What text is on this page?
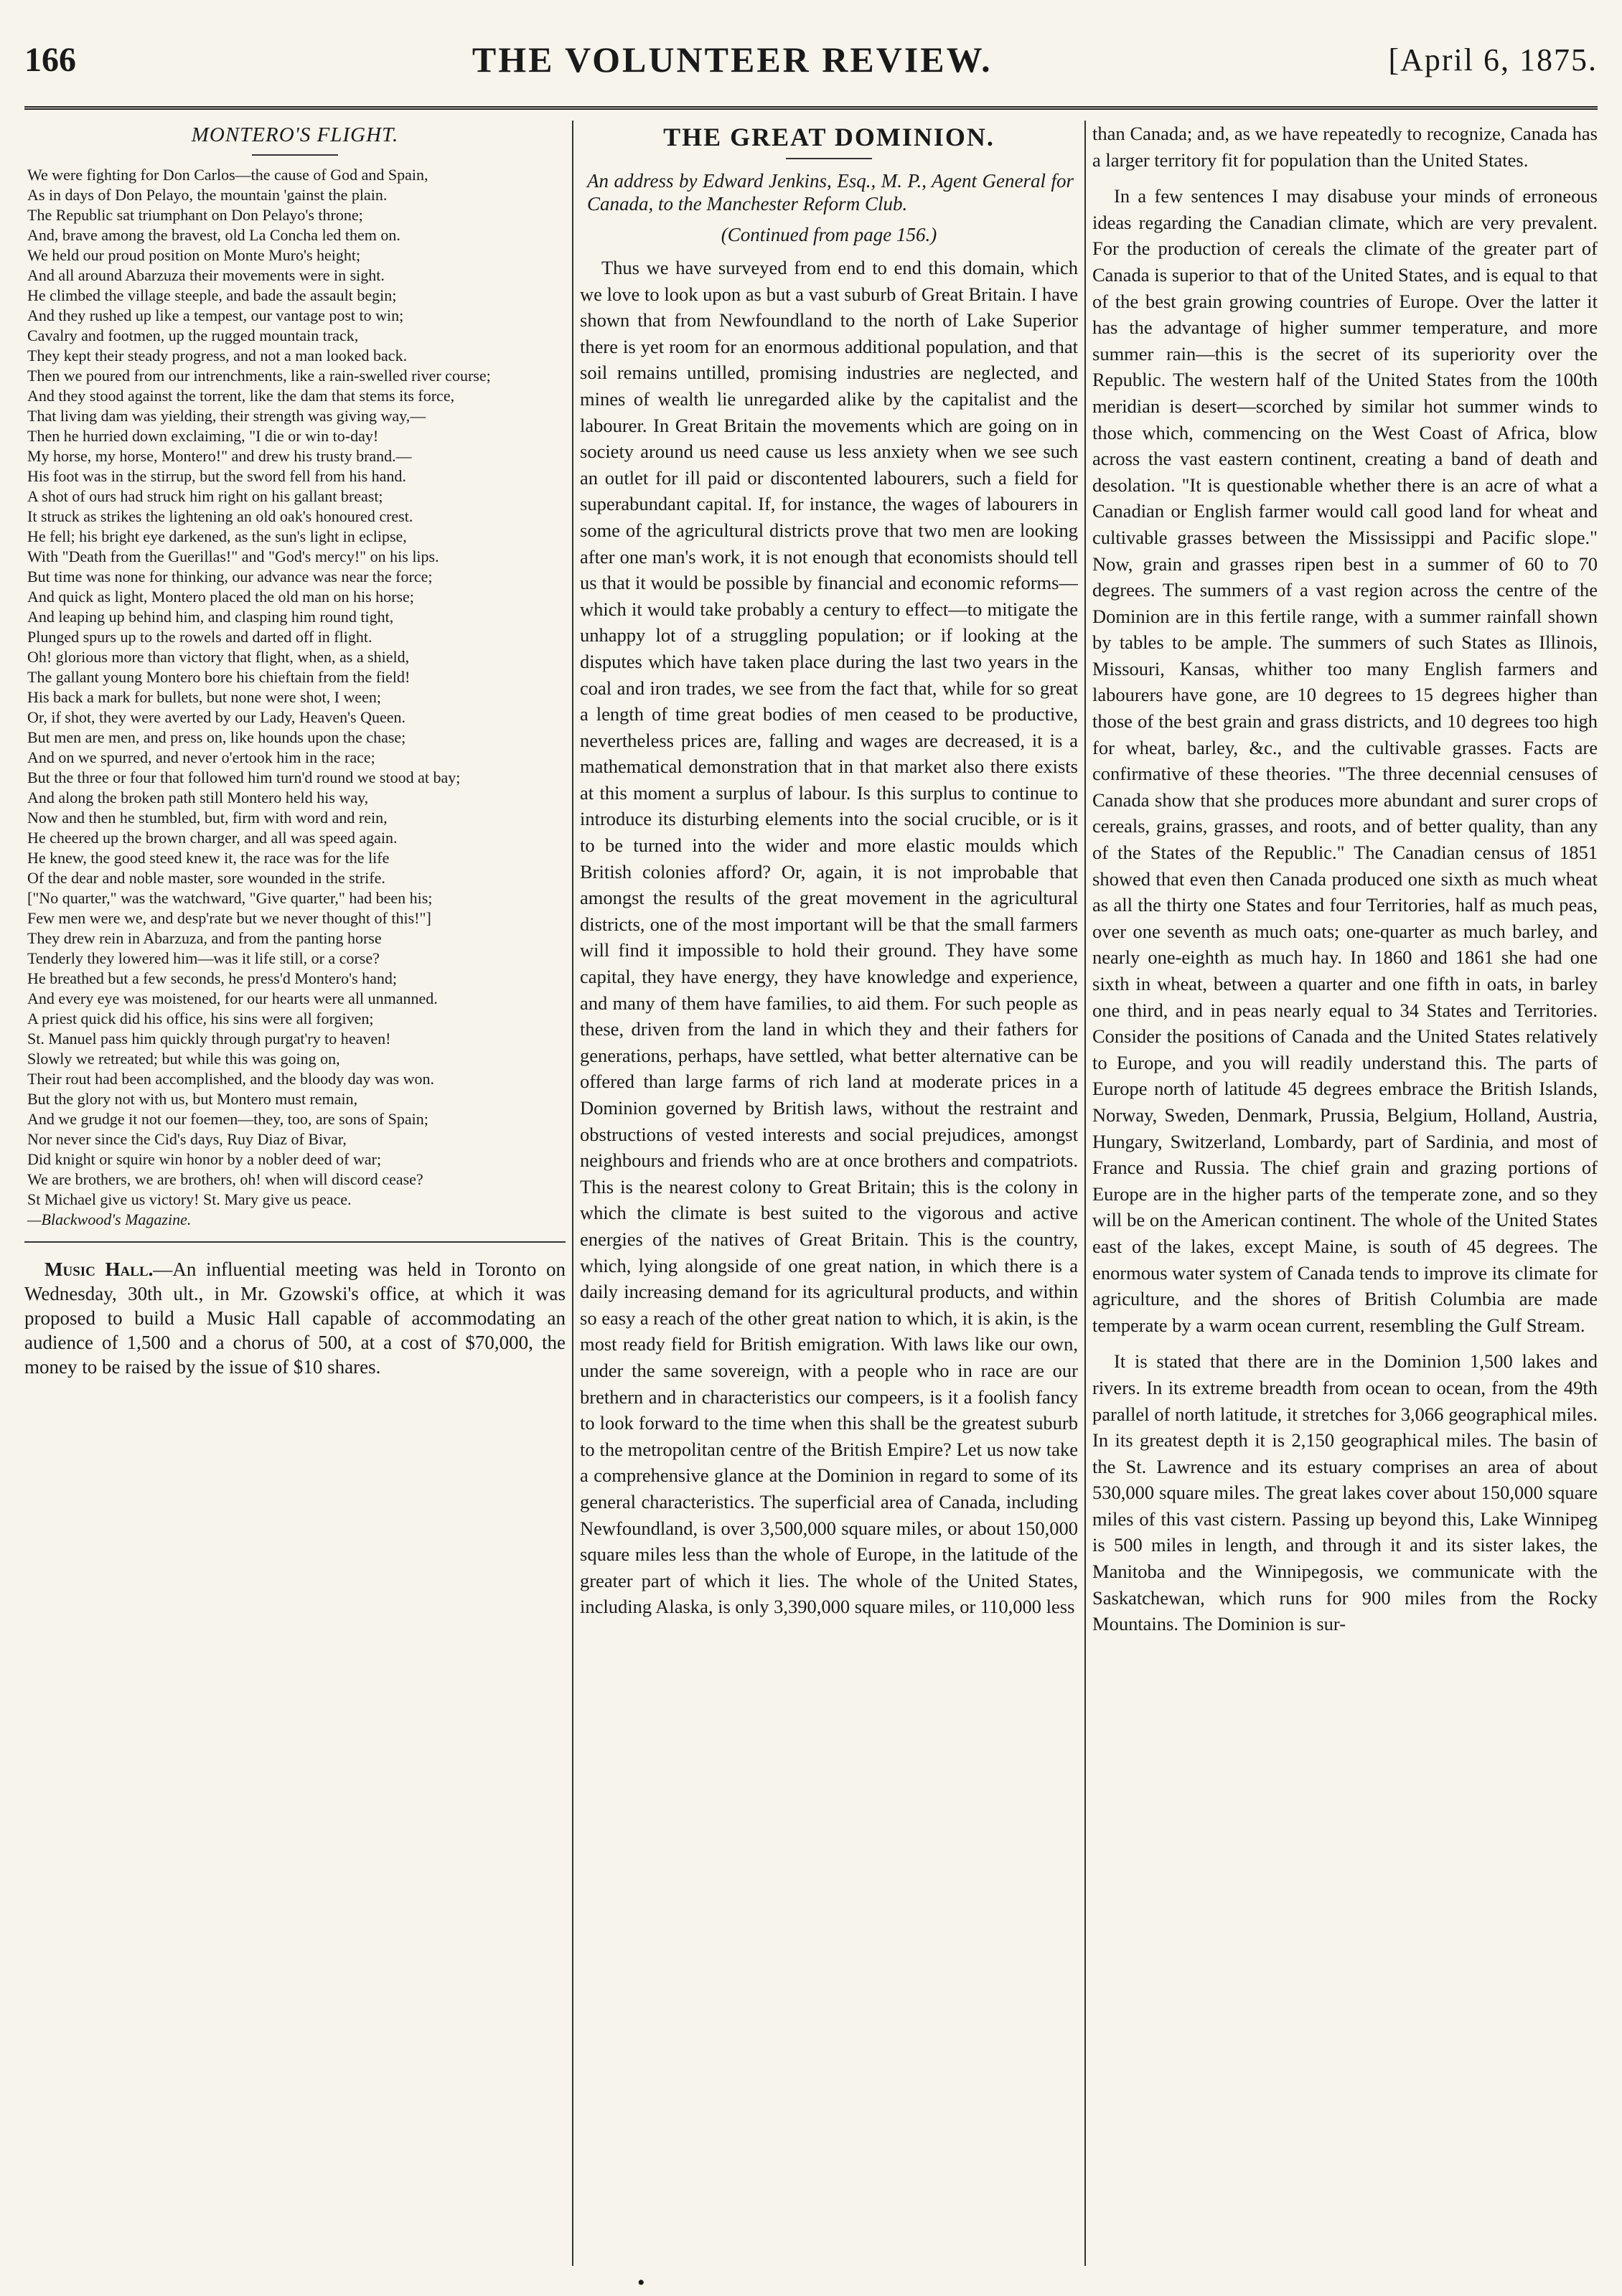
166	THE VOLUNTEER REVIEW.	[April 6, 1875.
MONTERO'S FLIGHT.
We were fighting for Don Carlos—the cause of God and Spain,
As in days of Don Pelayo, the mountain 'gainst the plain.
The Republic sat triumphant on Don Pelayo's throne;
And, brave among the bravest, old La Concha led them on.
We held our proud position on Monte Muro's height;
And all around Abarzuza their movements were in sight.
He climbed the village steeple, and bade the assault begin;
And they rushed up like a tempest, our vantage post to win;
Cavalry and footmen, up the rugged mountain track,
They kept their steady progress, and not a man looked back.
Then we poured from our intrenchments, like a rain-swelled river course;
And they stood against the torrent, like the dam that stems its force,
That living dam was yielding, their strength was giving way,—
Then he hurried down exclaiming, "I die or win to-day!
My horse, my horse, Montero!" and drew his trusty brand.—
His foot was in the stirrup, but the sword fell from his hand.
A shot of ours had struck him right on his gallant breast;
It struck as strikes the lightening an old oak's honoured crest.
He fell; his bright eye darkened, as the sun's light in eclipse,
With "Death from the Guerillas!" and "God's mercy!" on his lips.
But time was none for thinking, our advance was near the force;
And quick as light, Montero placed the old man on his horse;
And leaping up behind him, and clasping him round tight,
Plunged spurs up to the rowels and darted off in flight.
Oh! glorious more than victory that flight, when, as a shield,
The gallant young Montero bore his chieftain from the field!
His back a mark for bullets, but none were shot, I ween;
Or, if shot, they were averted by our Lady, Heaven's Queen.
But men are men, and press on, like hounds upon the chase;
And on we spurred, and never o'ertook him in the race;
But the three or four that followed him turn'd round we stood at bay;
And along the broken path still Montero held his way,
Now and then he stumbled, but, firm with word and rein,
He cheered up the brown charger, and all was speed again.
He knew, the good steed knew it, the race was for the life
Of the dear and noble master, sore wounded in the strife.
["No quarter," was the watchward, "Give quarter," had been his;
Few men were we, and desp'rate but we never thought of this!"]
They drew rein in Abarzuza, and from the panting horse
Tenderly they lowered him—was it life still, or a corse?
He breathed but a few seconds, he press'd Montero's hand;
And every eye was moistened, for our hearts were all unmanned.
A priest quick did his office, his sins were all forgiven;
St. Manuel pass him quickly through purgat'ry to heaven!
Slowly we retreated; but while this was going on,
Their rout had been accomplished, and the bloody day was won.
But the glory not with us, but Montero must remain,
And we grudge it not our foemen—they, too, are sons of Spain;
Nor never since the Cid's days, Ruy Diaz of Bivar,
Did knight or squire win honor by a nobler deed of war;
We are brothers, we are brothers, oh! when will discord cease?
St Michael give us victory! St. Mary give us peace.
—Blackwood's Magazine.

Music Hall.—An influential meeting was held in Toronto on Wednesday, 30th ult., in Mr. Gzowski's office, at which it was proposed to build a Music Hall capable of accommodating an audience of 1,500 and a chorus of 500, at a cost of $70,000, the money to be raised by the issue of $10 shares.

THE GREAT DOMINION.

An address by Edward Jenkins, Esq., M. P., Agent General for Canada, to the Manchester Reform Club.

(Continued from page 156.)

Thus we have surveyed from end to end this domain, which we love to look upon as but a vast suburb of Great Britain. I have shown that from Newfoundland to the north of Lake Superior there is yet room for an enormous additional population, and that soil remains untilled, promising industries are neglected, and mines of wealth lie unregarded alike by the capitalist and the labourer. In Great Britain the movements which are going on in society around us need cause us less anxiety when we see such an outlet for ill paid or discontented labourers, such a field for superabundant capital. If, for instance, the wages of labourers in some of the agricultural districts prove that two men are looking after one man's work, it is not enough that economists should tell us that it would be possible by financial and economic reforms—which it would take probably a century to effect—to mitigate the unhappy lot of a struggling population; or if looking at the disputes which have taken place during the last two years in the coal and iron trades, we see from the fact that, while for so great a length of time great bodies of men ceased to be productive, nevertheless prices are, falling and wages are decreased, it is a mathematical demonstration that in that market also there exists at this moment a surplus of labour. Is this surplus to continue to introduce its disturbing elements into the social crucible, or is it to be turned into the wider and more elastic moulds which British colonies afford? Or, again, it is not improbable that amongst the results of the great movement in the agricultural districts, one of the most important will be that the small farmers will find it impossible to hold their ground. They have some capital, they have energy, they have knowledge and experience, and many of them have families, to aid them. For such people as these, driven from the land in which they and their fathers for generations, perhaps, have settled, what better alternative can be offered than large farms of rich land at moderate prices in a Dominion governed by British laws, without the restraint and obstructions of vested interests and social prejudices, amongst neighbours and friends who are at once brothers and compatriots. This is the nearest colony to Great Britain; this is the colony in which the climate is best suited to the vigorous and active energies of the natives of Great Britain. This is the country, which, lying alongside of one great nation, in which there is a daily increasing demand for its agricultural products, and within so easy a reach of the other great nation to which, it is akin, is the most ready field for British emigration. With laws like our own, under the same sovereign, with a people who in race are our brethern and in characteristics our compeers, is it a foolish fancy to look forward to the time when this shall be the greatest suburb to the metropolitan centre of the British Empire? Let us now take a comprehensive glance at the Dominion in regard to some of its general characteristics. The superficial area of Canada, including Newfoundland, is over 3,500,000 square miles, or about 150,000 square miles less than the whole of Europe, in the latitude of the greater part of which it lies. The whole of the United States, including Alaska, is only 3,390,000 square miles, or 110,000 less

than Canada; and, as we have repeatedly to recognize, Canada has a larger territory fit for population than the United States.

In a few sentences I may disabuse your minds of erroneous ideas regarding the Canadian climate, which are very prevalent. For the production of cereals the climate of the greater part of Canada is superior to that of the United States, and is equal to that of the best grain growing countries of Europe. Over the latter it has the advantage of higher summer temperature, and more summer rain—this is the secret of its superiority over the Republic. The western half of the United States from the 100th meridian is desert—scorched by similar hot summer winds to those which, commencing on the West Coast of Africa, blow across the vast eastern continent, creating a band of death and desolation. "It is questionable whether there is an acre of what a Canadian or English farmer would call good land for wheat and cultivable grasses between the Mississippi and Pacific slope." Now, grain and grasses ripen best in a summer of 60 to 70 degrees. The summers of a vast region across the centre of the Dominion are in this fertile range, with a summer rainfall shown by tables to be ample. The summers of such States as Illinois, Missouri, Kansas, whither too many English farmers and labourers have gone, are 10 degrees to 15 degrees higher than those of the best grain and grass districts, and 10 degrees too high for wheat, barley, &c., and the cultivable grasses. Facts are confirmative of these theories. "The three decennial censuses of Canada show that she produces more abundant and surer crops of cereals, grains, grasses, and roots, and of better quality, than any of the States of the Republic." The Canadian census of 1851 showed that even then Canada produced one sixth as much wheat as all the thirty one States and four Territories, half as much peas, over one seventh as much oats; one-quarter as much barley, and nearly one-eighth as much hay. In 1860 and 1861 she had one sixth in wheat, between a quarter and one fifth in oats, in barley one third, and in peas nearly equal to 34 States and Territories. Consider the positions of Canada and the United States relatively to Europe, and you will readily understand this. The parts of Europe north of latitude 45 degrees embrace the British Islands, Norway, Sweden, Denmark, Prussia, Belgium, Holland, Austria, Hungary, Switzerland, Lombardy, part of Sardinia, and most of France and Russia. The chief grain and grazing portions of Europe are in the higher parts of the temperate zone, and so they will be on the American continent. The whole of the United States east of the lakes, except Maine, is south of 45 degrees. The enormous water system of Canada tends to improve its climate for agriculture, and the shores of British Columbia are made temperate by a warm ocean current, resembling the Gulf Stream.

It is stated that there are in the Dominion 1,500 lakes and rivers. In its extreme breadth from ocean to ocean, from the 49th parallel of north latitude, it stretches for 3,066 geographical miles. In its greatest depth it is 2,150 geographical miles. The basin of the St. Lawrence and its estuary comprises an area of about 530,000 square miles. The great lakes cover about 150,000 square miles of this vast cistern. Passing up beyond this, Lake Winnipeg is 500 miles in length, and through it and its sister lakes, the Manitoba and the Winnipegosis, we communicate with the Saskatchewan, which runs for 900 miles from the Rocky Mountains. The Dominion is sur-

•
